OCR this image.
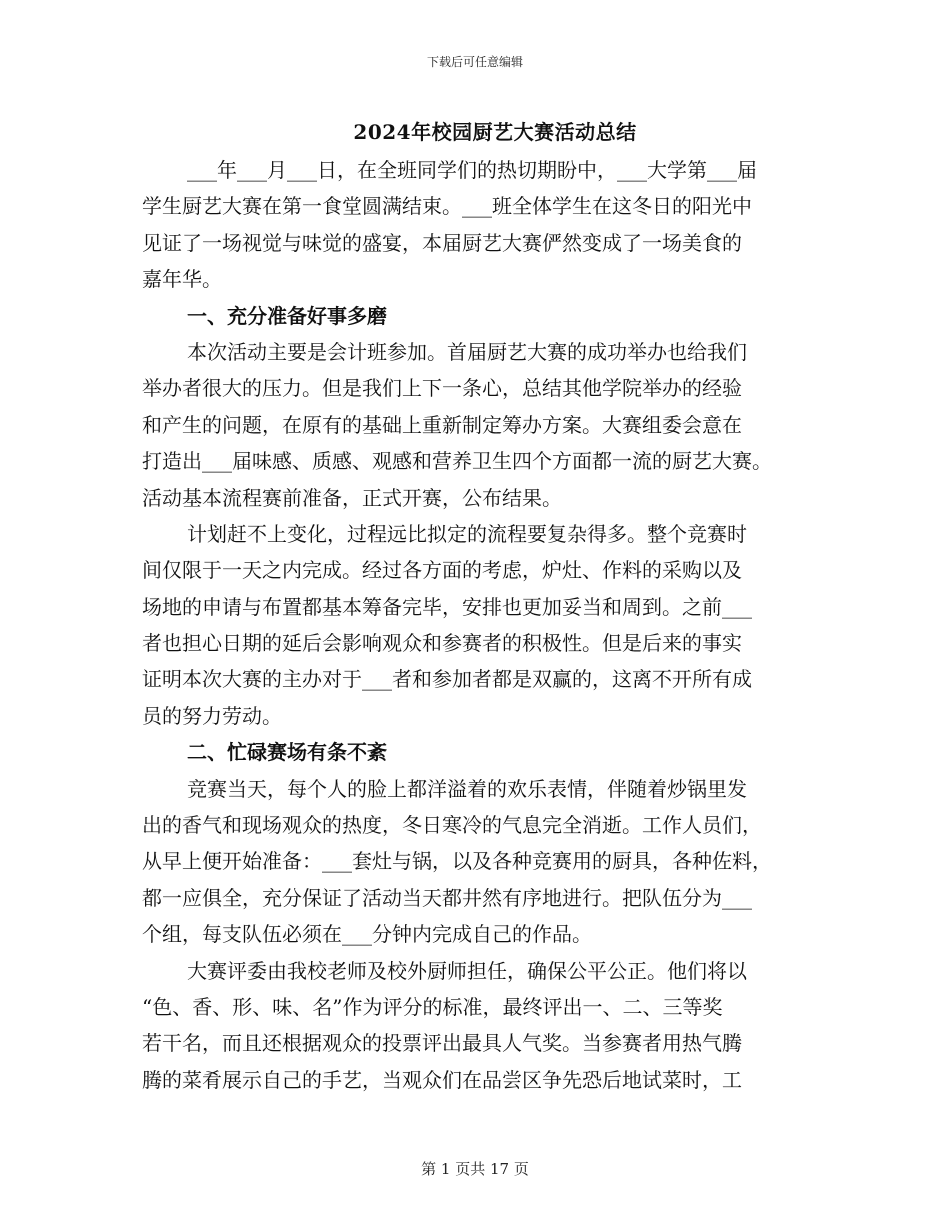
下载后可任意编辑
2024年校园厨艺大赛活动总结
___年___月___日，在全班同学们的热切期盼中，___大学第___届
学生厨艺大赛在第一食堂圆满结束。___班全体学生在这冬日的阳光中
见证了一场视觉与味觉的盛宴，本届厨艺大赛俨然变成了一场美食的
嘉年华。
一、充分准备好事多磨
本次活动主要是会计班参加。首届厨艺大赛的成功举办也给我们
举办者很大的压力。但是我们上下一条心，总结其他学院举办的经验
和产生的问题，在原有的基础上重新制定筹办方案。大赛组委会意在
打造出___届味感、质感、观感和营养卫生四个方面都一流的厨艺大赛。
活动基本流程赛前准备，正式开赛，公布结果。
计划赶不上变化，过程远比拟定的流程要复杂得多。整个竞赛时
间仅限于一天之内完成。经过各方面的考虑，炉灶、作料的采购以及
场地的申请与布置都基本筹备完毕，安排也更加妥当和周到。之前___
者也担心日期的延后会影响观众和参赛者的积极性。但是后来的事实
证明本次大赛的主办对于___者和参加者都是双赢的，这离不开所有成
员的努力劳动。
二、忙碌赛场有条不紊
竞赛当天，每个人的脸上都洋溢着的欢乐表情，伴随着炒锅里发
出的香气和现场观众的热度，冬日寒冷的气息完全消逝。工作人员们，
从早上便开始准备：___套灶与锅，以及各种竞赛用的厨具，各种佐料，
都一应俱全，充分保证了活动当天都井然有序地进行。把队伍分为___
个组，每支队伍必须在___分钟内完成自己的作品。
大赛评委由我校老师及校外厨师担任，确保公平公正。他们将以
“色、香、形、味、名”作为评分的标准，最终评出一、二、三等奖
若干名，而且还根据观众的投票评出最具人气奖。当参赛者用热气腾
腾的菜肴展示自己的手艺，当观众们在品尝区争先恐后地试菜时，工
第 1 页共 17 页
